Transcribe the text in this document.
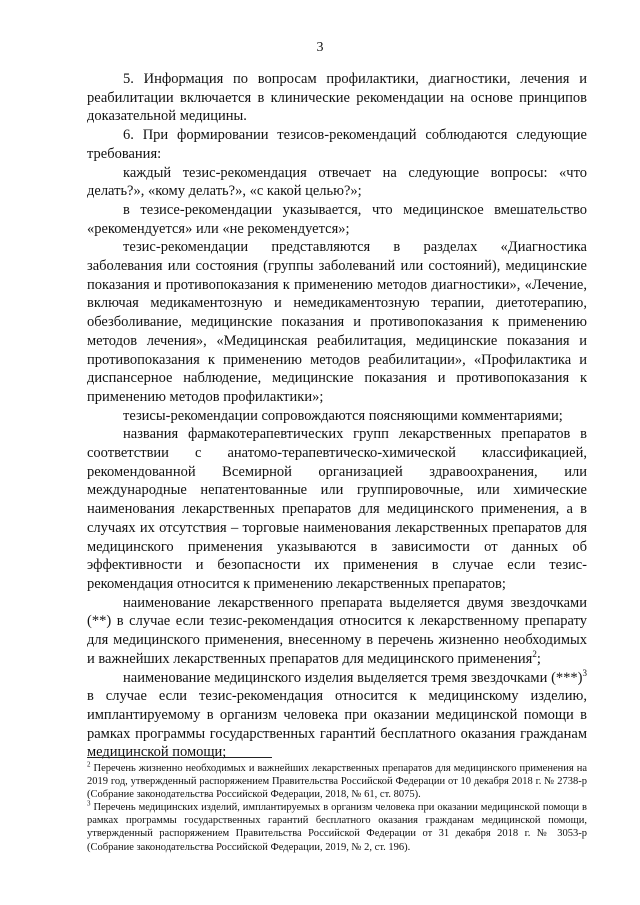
3

5. Информация по вопросам профилактики, диагностики, лечения и реабилитации включается в клинические рекомендации на основе принципов доказательной медицины.

6. При формировании тезисов-рекомендаций соблюдаются следующие требования:

каждый тезис-рекомендация отвечает на следующие вопросы: «что делать?», «кому делать?», «с какой целью?»;

в тезисе-рекомендации указывается, что медицинское вмешательство «рекомендуется» или «не рекомендуется»;

тезис-рекомендации представляются в разделах «Диагностика заболевания или состояния (группы заболеваний или состояний), медицинские показания и противопоказания к применению методов диагностики», «Лечение, включая медикаментозную и немедикаментозную терапии, диетотерапию, обезболивание, медицинские показания и противопоказания к применению методов лечения», «Медицинская реабилитация, медицинские показания и противопоказания к применению методов реабилитации», «Профилактика и диспансерное наблюдение, медицинские показания и противопоказания к применению методов профилактики»;

тезисы-рекомендации сопровождаются поясняющими комментариями;

названия фармакотерапевтических групп лекарственных препаратов в соответствии с анатомо-терапевтическо-химической классификацией, рекомендованной Всемирной организацией здравоохранения, или международные непатентованные или группировочные, или химические наименования лекарственных препаратов для медицинского применения, а в случаях их отсутствия – торговые наименования лекарственных препаратов для медицинского применения указываются в зависимости от данных об эффективности и безопасности их применения в случае если тезис-рекомендация относится к применению лекарственных препаратов;

наименование лекарственного препарата выделяется двумя звездочками (**) в случае если тезис-рекомендация относится к лекарственному препарату для медицинского применения, внесенному в перечень жизненно необходимых и важнейших лекарственных препаратов для медицинского применения$^2$;

наименование медицинского изделия выделяется тремя звездочками $(***)^3$ в случае если тезис-рекомендация относится к медицинскому изделию, имплантируемому в организм человека при оказании медицинской помощи в рамках программы государственных гарантий бесплатного оказания гражданам медицинской помощи;

$^2$ Перечень жизненно необходимых и важнейших лекарственных препаратов для медицинского применения на 2019 год, утвержденный распоряжением Правительства Российской Федерации от 10 декабря 2018 г. № 2738-р (Собрание законодательства Российской Федерации, 2018, № 61, ст. 8075).

$^3$ Перечень медицинских изделий, имплантируемых в организм человека при оказании медицинской помощи в рамках программы государственных гарантий бесплатного оказания гражданам медицинской помощи, утвержденный распоряжением Правительства Российской Федерации от 31 декабря 2018 г. № 3053-р (Собрание законодательства Российской Федерации, 2019, № 2, ст. 196).
